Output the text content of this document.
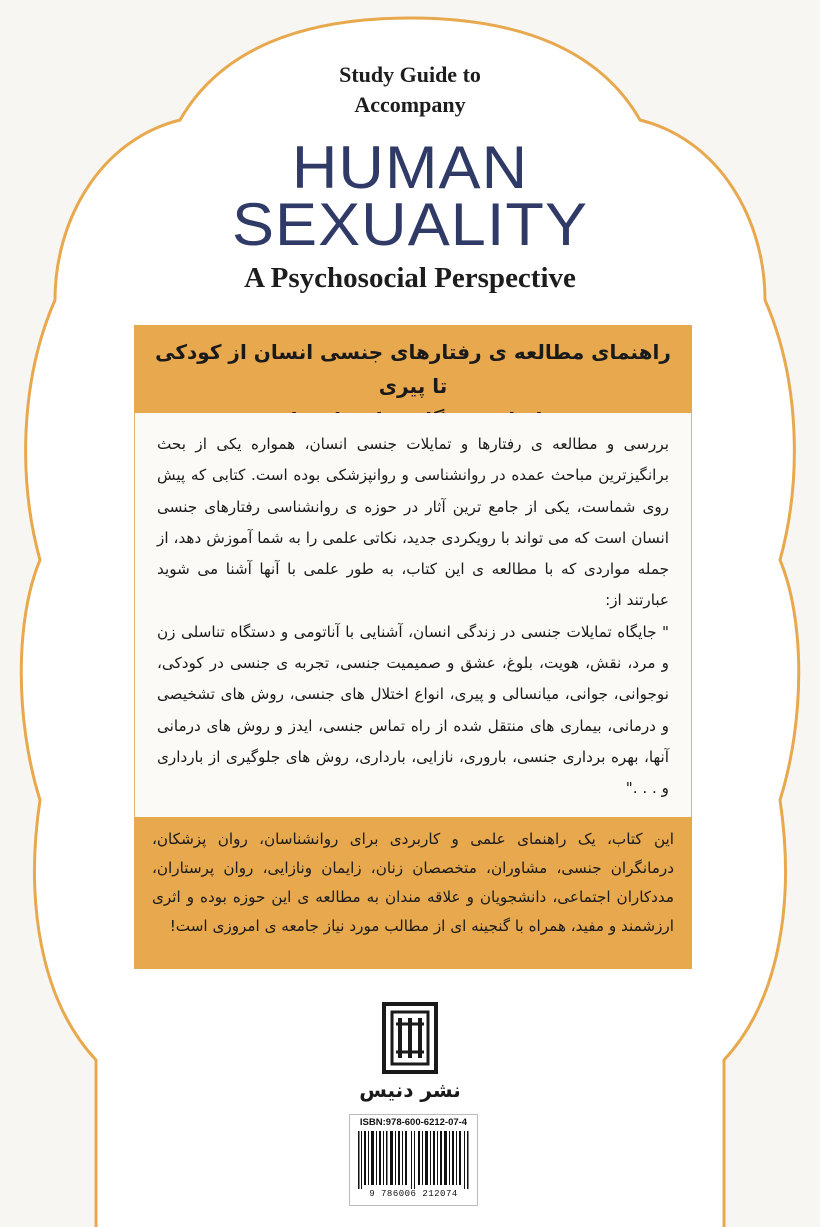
Study Guide to
Accompany
HUMAN
SEXUALITY
A Psychosocial Perspective
راهنمای مطالعه ی رفتارهای جنسی انسان از کودکی تا پیری

بررسی و مطالعه ی رفتارها و تمایلات جنسی انسان، همواره یکی از بحث برانگیزترین مباحث عمده در روانشناسی و روانپزشکی بوده است. کتابی که پیش روی شماست، یکی از جامع ترین آثار در حوزه ی روانشناسی رفتارهای جنسی انسان است که می تواند با رویکردی جدید، نکاتی علمی را به شما آموزش دهد، از جمله مواردی که با مطالعه ی این کتاب، به طور علمی با آنها آشنا می شوید عبارتند از:

" جایگاه تمایلات جنسی در زندگی انسان، آشنایی با آناتومی و دستگاه تناسلی زن و مرد، نقش، هویت، بلوغ، عشق و صمیمیت جنسی، تجربه ی جنسی در کودکی، نوجوانی، جوانی، میانسالی و پیری، انواع اختلال های جنسی، روش های تشخیصی و درمانی، بیماری های منتقل شده از راه تماس جنسی، ایدز و روش های درمانی آنها، بهره برداری جنسی، باروری، نازایی، بارداری، روش های جلوگیری از بارداری و . . ."

این کتاب، یک راهنمای علمی و کاربردی برای روانشناسان، روان پزشکان، درمانگران جنسی، مشاوران، متخصصان زنان، زایمان ونازایی، روان پرستاران، مددکاران اجتماعی، دانشجویان و علاقه مندان به مطالعه ی این حوزه بوده و اثری ارزشمند و مفید، همراه با گنجینه ای از مطالب مورد نیاز جامعه ی امروزی است!

نشر دنیس
ISBN:978-600-6212-07-4
9 786006 212074
